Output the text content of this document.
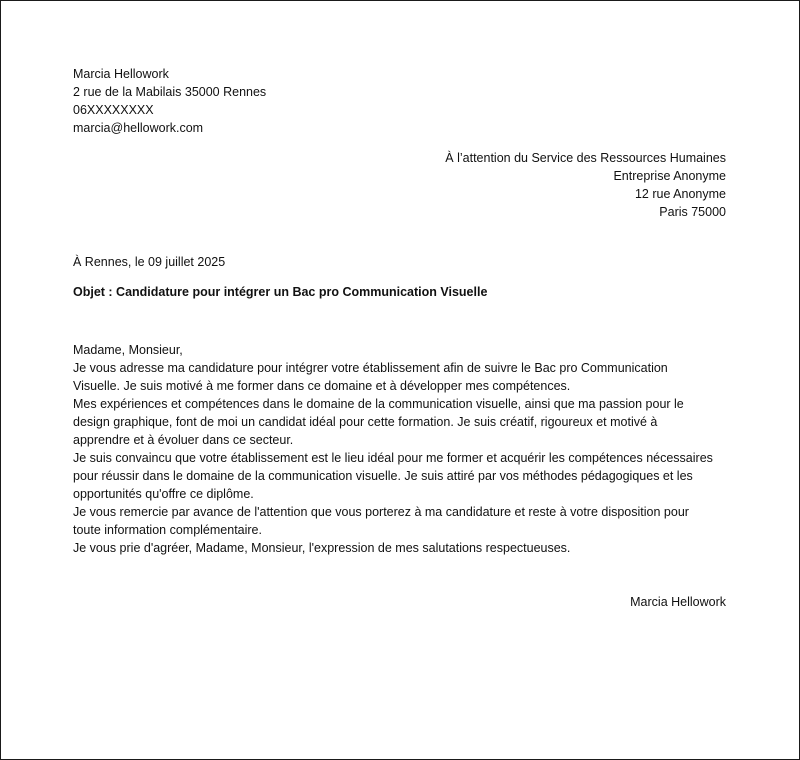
Marcia Hellowork
2 rue de la Mabilais 35000 Rennes
06XXXXXXXX
marcia@hellowork.com
À l’attention du Service des Ressources Humaines
Entreprise Anonyme
12 rue Anonyme
Paris 75000
À Rennes, le 09 juillet 2025
Objet : Candidature pour intégrer un Bac pro Communication Visuelle
Madame, Monsieur,

Je vous adresse ma candidature pour intégrer votre établissement afin de suivre le Bac pro Communication
Visuelle. Je suis motivé à me former dans ce domaine et à développer mes compétences.

Mes expériences et compétences dans le domaine de la communication visuelle, ainsi que ma passion pour le
design graphique, font de moi un candidat idéal pour cette formation. Je suis créatif, rigoureux et motivé à
apprendre et à évoluer dans ce secteur.

Je suis convaincu que votre établissement est le lieu idéal pour me former et acquérir les compétences nécessaires
pour réussir dans le domaine de la communication visuelle. Je suis attiré par vos méthodes pédagogiques et les
opportunités qu'offre ce diplôme.

Je vous remercie par avance de l'attention que vous porterez à ma candidature et reste à votre disposition pour
toute information complémentaire.

Je vous prie d'agréer, Madame, Monsieur, l'expression de mes salutations respectueuses.

Marcia Hellowork
